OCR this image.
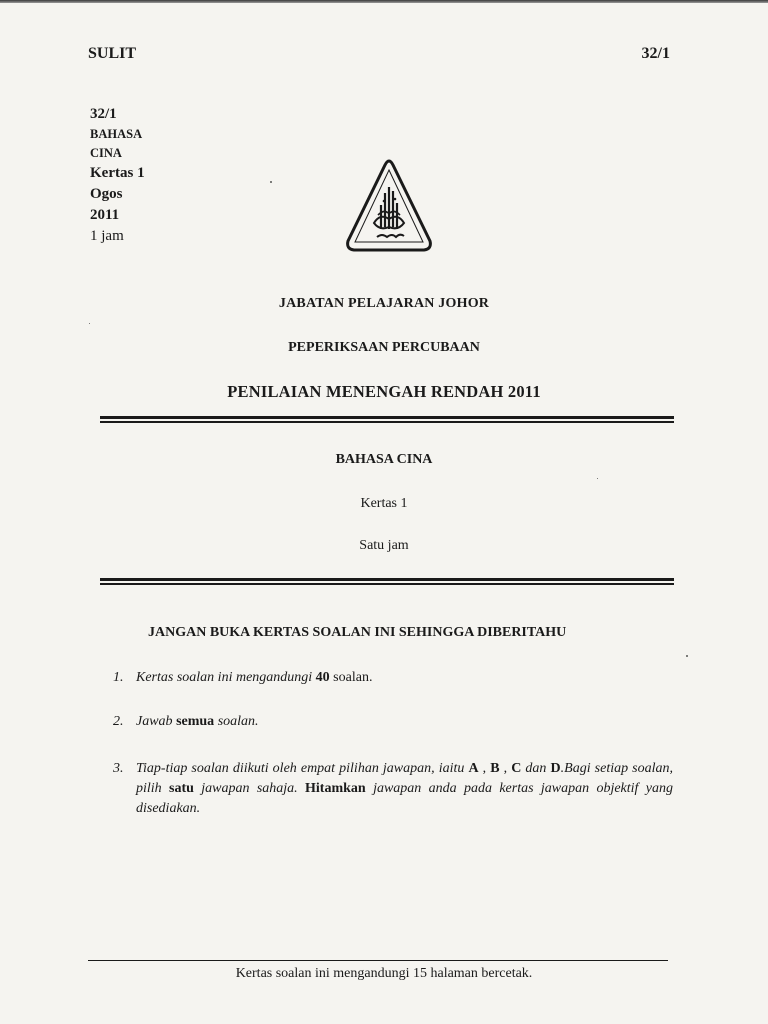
SULIT	32/1
32/1
BAHASA
CINA
Kertas 1
Ogos
2011
1 jam
JABATAN PELAJARAN JOHOR
PEPERIKSAAN PERCUBAAN
PENILAIAN MENENGAH RENDAH 2011
BAHASA CINA
Kertas 1
Satu jam
JANGAN BUKA KERTAS SOALAN INI SEHINGGA DIBERITAHU
1. Kertas soalan ini mengandungi 40 soalan.
2. Jawab semua soalan.
3. Tiap-tiap soalan diikuti oleh empat pilihan jawapan, iaitu A , B , C dan D.Bagi setiap soalan, pilih satu jawapan sahaja. Hitamkan jawapan anda pada kertas jawapan objektif yang disediakan.
Kertas soalan ini mengandungi 15 halaman bercetak.
